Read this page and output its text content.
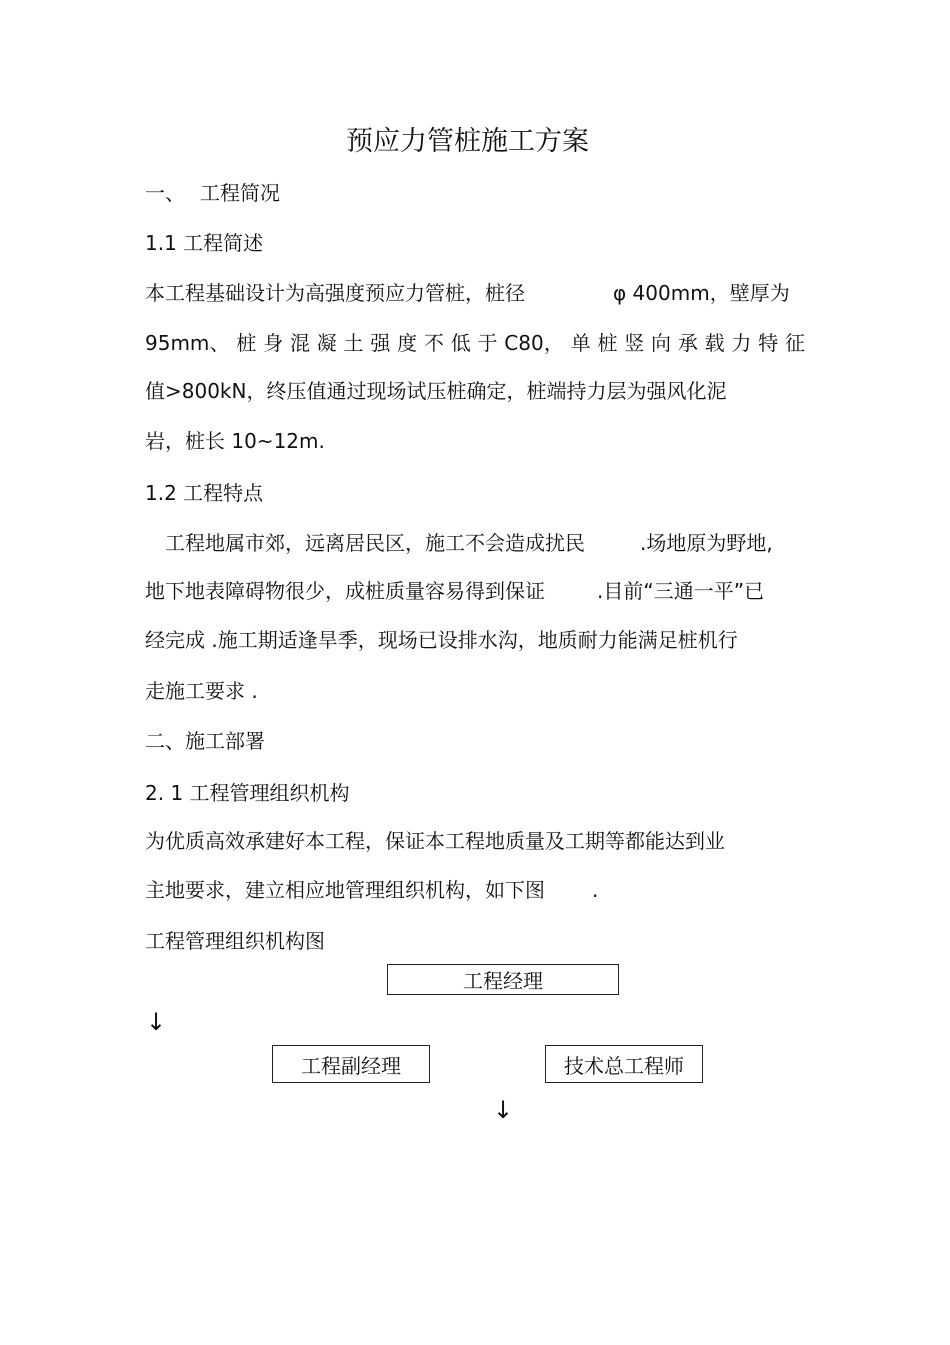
预应力管桩施工方案
一、 工程简况
1.1 工程简述
本工程基础设计为高强度预应力管桩，桩径	φ 400mm，壁厚为
95mm、 桩 身 混 凝 土 强 度 不 低 于 C80， 单 桩 竖 向 承 载 力 特 征
值>800kN，终压值通过现场试压桩确定，桩端持力层为强风化泥
岩，桩长 10~12m.
1.2 工程特点
工程地属市郊，远离居民区，施工不会造成扰民	.场地原为野地,
地下地表障碍物很少，成桩质量容易得到保证	.目前“三通一平”已
经完成 .施工期适逢旱季，现场已设排水沟，地质耐力能满足桩机行
走施工要求 .
二、施工部署
2. 1 工程管理组织机构
为优质高效承建好本工程，保证本工程地质量及工期等都能达到业
主地要求，建立相应地管理组织机构，如下图 .
工程管理组织机构图
工程经理
↓
工程副经理	技术总工程师
↓
